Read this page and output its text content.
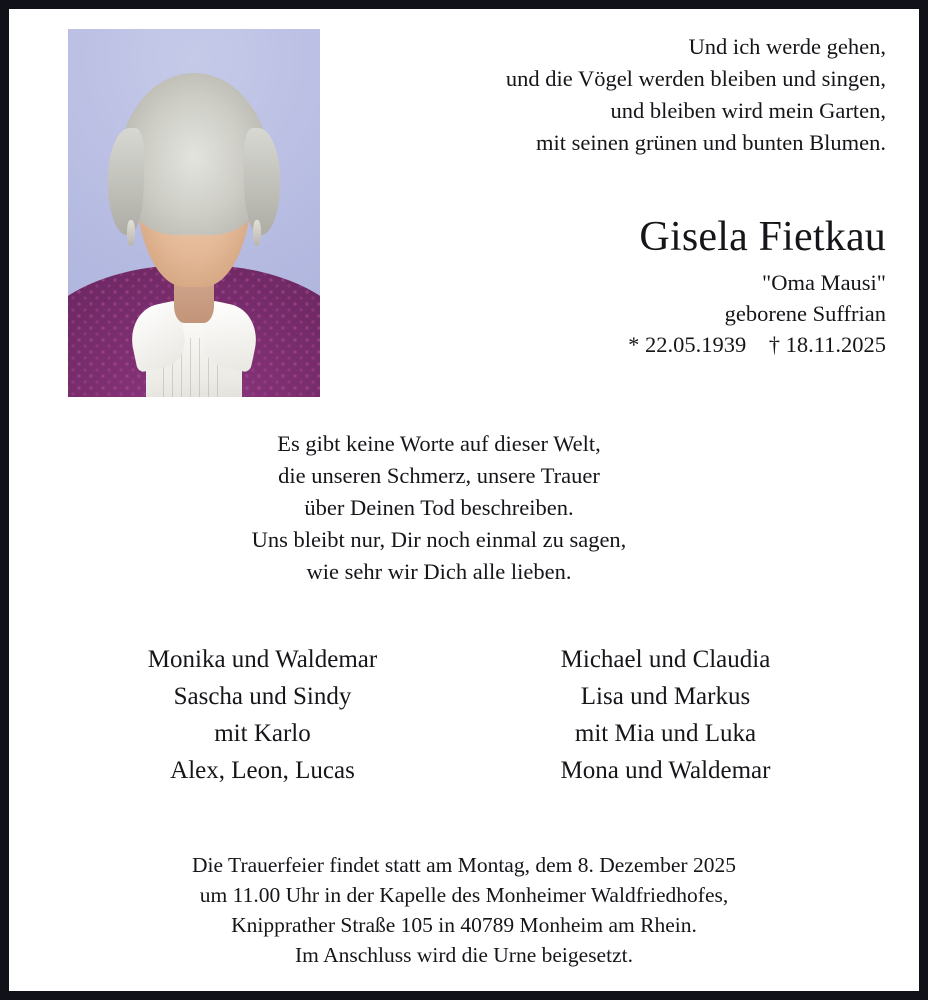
Und ich werde gehen,
und die Vögel werden bleiben und singen,
und bleiben wird mein Garten,
mit seinen grünen und bunten Blumen.
Gisela Fietkau
"Oma Mausi"
geborene Suffrian
* 22.05.1939    † 18.11.2025
Es gibt keine Worte auf dieser Welt,
die unseren Schmerz, unsere Trauer
über Deinen Tod beschreiben.
Uns bleibt nur, Dir noch einmal zu sagen,
wie sehr wir Dich alle lieben.
Monika und Waldemar
Sascha und Sindy
mit Karlo
Alex, Leon, Lucas
Michael und Claudia
Lisa und Markus
mit Mia und Luka
Mona und Waldemar
Die Trauerfeier findet statt am Montag, dem 8. Dezember 2025
um 11.00 Uhr in der Kapelle des Monheimer Waldfriedhofes,
Knipprather Straße 105 in 40789 Monheim am Rhein.
Im Anschluss wird die Urne beigesetzt.
